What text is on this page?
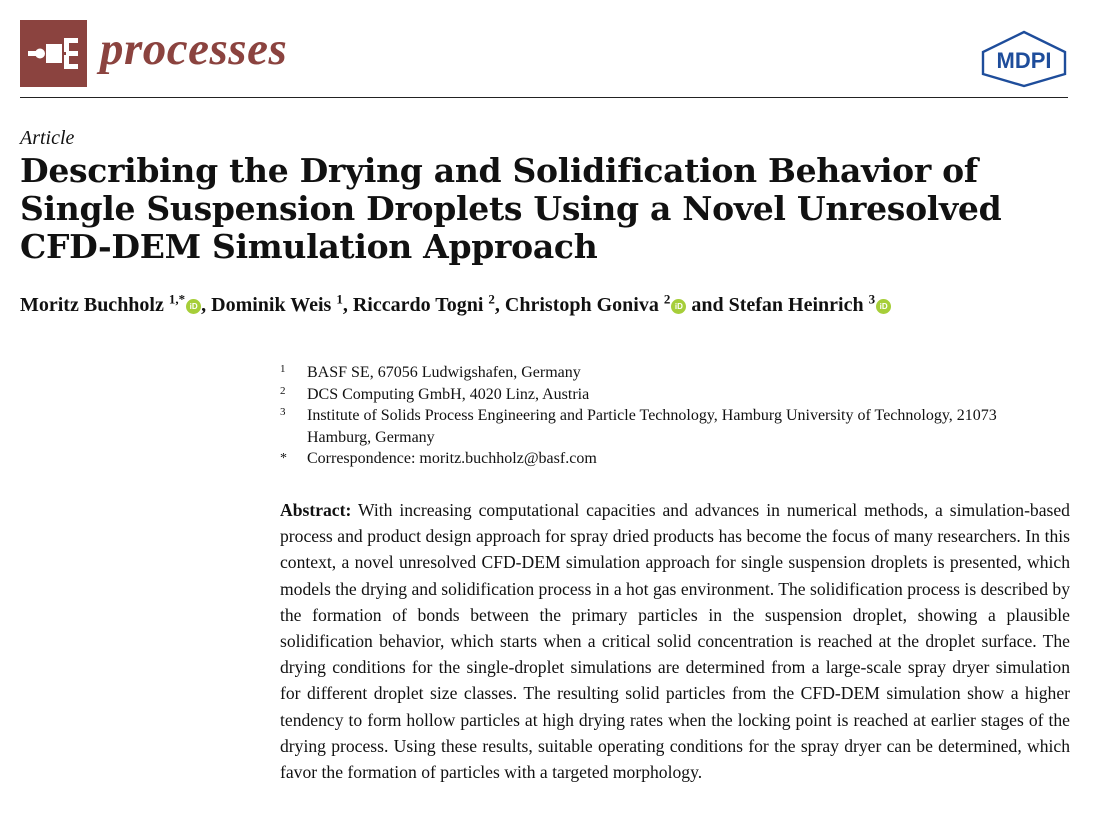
processes	MDPI
Article
Describing the Drying and Solidification Behavior of Single Suspension Droplets Using a Novel Unresolved CFD-DEM Simulation Approach
Moritz Buchholz $^{1,*}$iD , Dominik Weis $^1$, Riccardo Togni $^2$, Christoph Goniva $^2$iD and Stefan Heinrich $^3$iD
1 BASF SE, 67056 Ludwigshafen, Germany
2 DCS Computing GmbH, 4020 Linz, Austria
3 Institute of Solids Process Engineering and Particle Technology, Hamburg University of Technology, 21073 Hamburg, Germany
* Correspondence: moritz.buchholz@basf.com
Abstract: With increasing computational capacities and advances in numerical methods, a simulation-based process and product design approach for spray dried products has become the focus of many researchers. In this context, a novel unresolved CFD-DEM simulation approach for single suspension droplets is presented, which models the drying and solidification process in a hot gas environment. The solidification process is described by the formation of bonds between the primary particles in the suspension droplet, showing a plausible solidification behavior, which starts when a critical solid concentration is reached at the droplet surface. The drying conditions for the single-droplet simulations are determined from a large-scale spray dryer simulation for different droplet size classes. The resulting solid particles from the CFD-DEM simulation show a higher tendency to form hollow particles at high drying rates when the locking point is reached at earlier stages of the drying process. Using these results, suitable operating conditions for the spray dryer can be determined, which favor the formation of particles with a targeted morphology.
